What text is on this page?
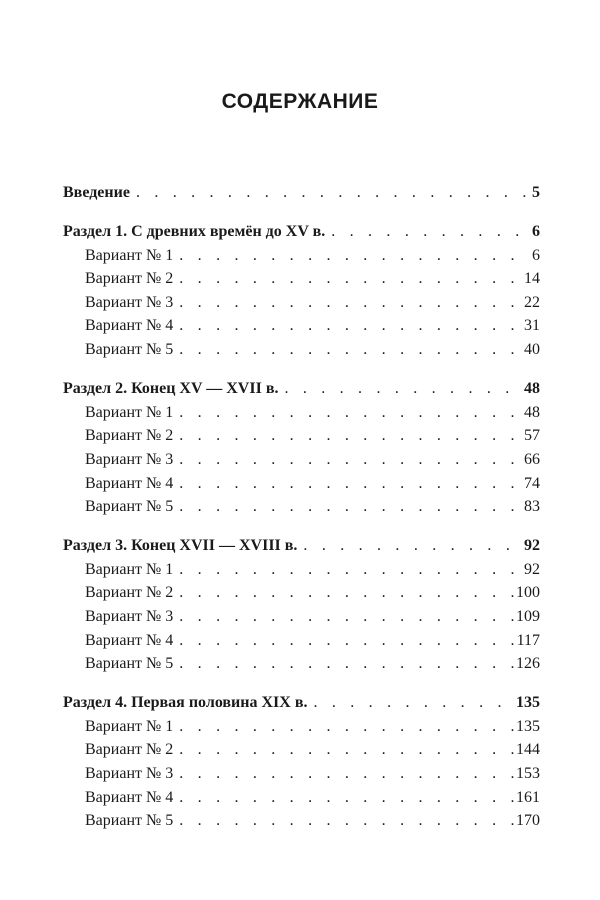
СОДЕРЖАНИЕ
Введение . . .	5
Раздел 1. С древних времён до XV в. . . .	6
Вариант № 1 . . .	6
Вариант № 2 . . .	14
Вариант № 3 . . .	22
Вариант № 4 . . .	31
Вариант № 5 . . .	40
Раздел 2. Конец XV — XVII в. . . .	48
Вариант № 1 . . .	48
Вариант № 2 . . .	57
Вариант № 3 . . .	66
Вариант № 4 . . .	74
Вариант № 5 . . .	83
Раздел 3. Конец XVII — XVIII в. . . .	92
Вариант № 1 . . .	92
Вариант № 2 . . .	100
Вариант № 3 . . .	109
Вариант № 4 . . .	117
Вариант № 5 . . .	126
Раздел 4. Первая половина XIX в. . . .	135
Вариант № 1 . . .	135
Вариант № 2 . . .	144
Вариант № 3 . . .	153
Вариант № 4 . . .	161
Вариант № 5 . . .	170
